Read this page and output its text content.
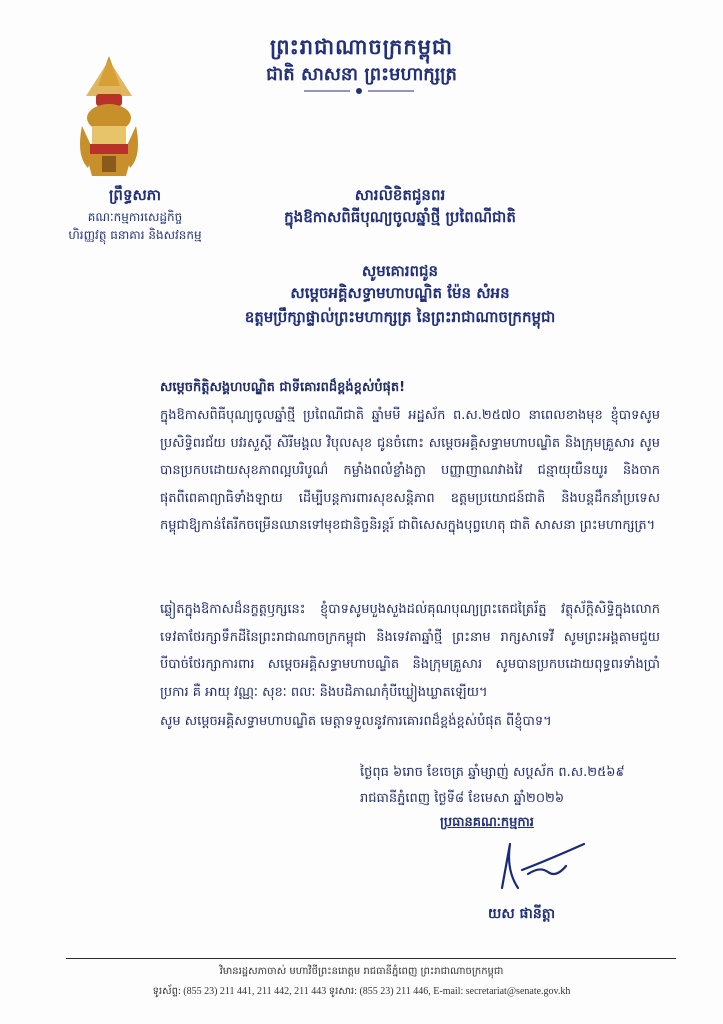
ព្រះរាជាណាចក្រកម្ពុជា
ជាតិ សាសនា ព្រះមហាក្សត្រ
ព្រឹទ្ធសភា
គណៈកម្មការសេដ្ឋកិច្ច
ហិរញ្ញវត្ថុ ធនាគារ និងសវនកម្ម
សារលិខិតជូនពរ
ក្នុងឱកាសពិធីបុណ្យចូលឆ្នាំថ្មី ប្រពៃណីជាតិ
សូមគោរពជូន
សម្តេចអគ្គិសទ្ធាមហាបណ្ឌិត ម៉ែន សំអន
ឧត្តមប្រឹក្សាផ្ទាល់ព្រះមហាក្សត្រ នៃព្រះរាជាណាចក្រកម្ពុជា
សម្តេចកិត្តិសង្គហបណ្ឌិត ជាទីគោរពដ៏ខ្ពង់ខ្ពស់បំផុត!
ក្នុងឱកាសពិធីបុណ្យចូលឆ្នាំថ្មី ប្រពៃណីជាតិ ឆ្នាំមមី អដ្ឋស័ក ព.ស.២៥៧០ នាពេលខាងមុខ ខ្ញុំបាទសូមប្រសិទ្ធិពរជ័យ បវរសួស្តី សិរីមង្គល វិបុលសុខ ជូនចំពោះ សម្តេចអគ្គិសទ្ធាមហាបណ្ឌិត និងក្រុមគ្រួសារ សូមបានប្រកបដោយសុខភាពល្អបរិបូណ៌ កម្លាំងពលំខ្លាំងក្លា បញ្ញាញាណវាងវៃ ជន្មាយុយឺនយូរ និងចាកផុតពីពេគាព្យាធិទាំងឡាយ ដើម្បីបន្តការពារសុខសន្តិភាព ឧត្តមប្រយោជន៍ជាតិ និងបន្តដឹកនាំប្រទេសកម្ពុជាឱ្យកាន់តែរីកចម្រើនឈានទៅមុខជានិច្ចនិរន្តរ៍ ជាពិសេសក្នុងបុព្វហេតុ ជាតិ សាសនា ព្រះមហាក្សត្រ។
ឆ្លៀតក្នុងឱកាសដ៏នក្ខត្តឫក្សនេះ ខ្ញុំបាទសូមបួងសួងដល់គុណបុណ្យព្រះតេជត្រៃរ័ត្ន វត្ថុស័ក្តិសិទ្ធិក្នុងលោក ទេវតាថែរក្សាទឹកដីនៃព្រះរាជាណាចក្រកម្ពុជា និងទេវតាឆ្នាំថ្មី ព្រះនាម រាក្សសាទេវី សូមព្រះអង្គតាមជួយបីបាច់ថែរក្សាការពារ សម្តេចអគ្គិសទ្ធាមហាបណ្ឌិត និងក្រុមគ្រួសារ សូមបានប្រកបដោយពុទ្ធពរទាំងប្រាំប្រការ គឺ អាយុ វណ្ណៈ សុខៈ ពលៈ និងបដិភាណកុំបីឃ្លៀងឃ្លាតឡើយ។
សូម សម្តេចអគ្គិសទ្ធាមហាបណ្ឌិត មេត្តាទទួលនូវការគោរពដ៏ខ្ពង់ខ្ពស់បំផុត ពីខ្ញុំបាទ។
ថ្ងៃពុធ ៦រោច ខែចេត្រ ឆ្នាំម្សាញ់ សប្តស័ក ព.ស.២៥៦៩
រាជធានីភ្នំពេញ ថ្ងៃទី៨ ខែមេសា ឆ្នាំ២០២៦
ប្រធានគណៈកម្មការ
យស ផានីត្តា
វិមានរដ្ឋសភាចាស់ មហាវិថីព្រះនរោត្តម រាជធានីភ្នំពេញ ព្រះរាជាណាចក្រកម្ពុជា
ទូរស័ព្ទ: (855 23) 211 441, 211 442, 211 443 ទូរសារ: (855 23) 211 446, E-mail: secretariat@senate.gov.kh
